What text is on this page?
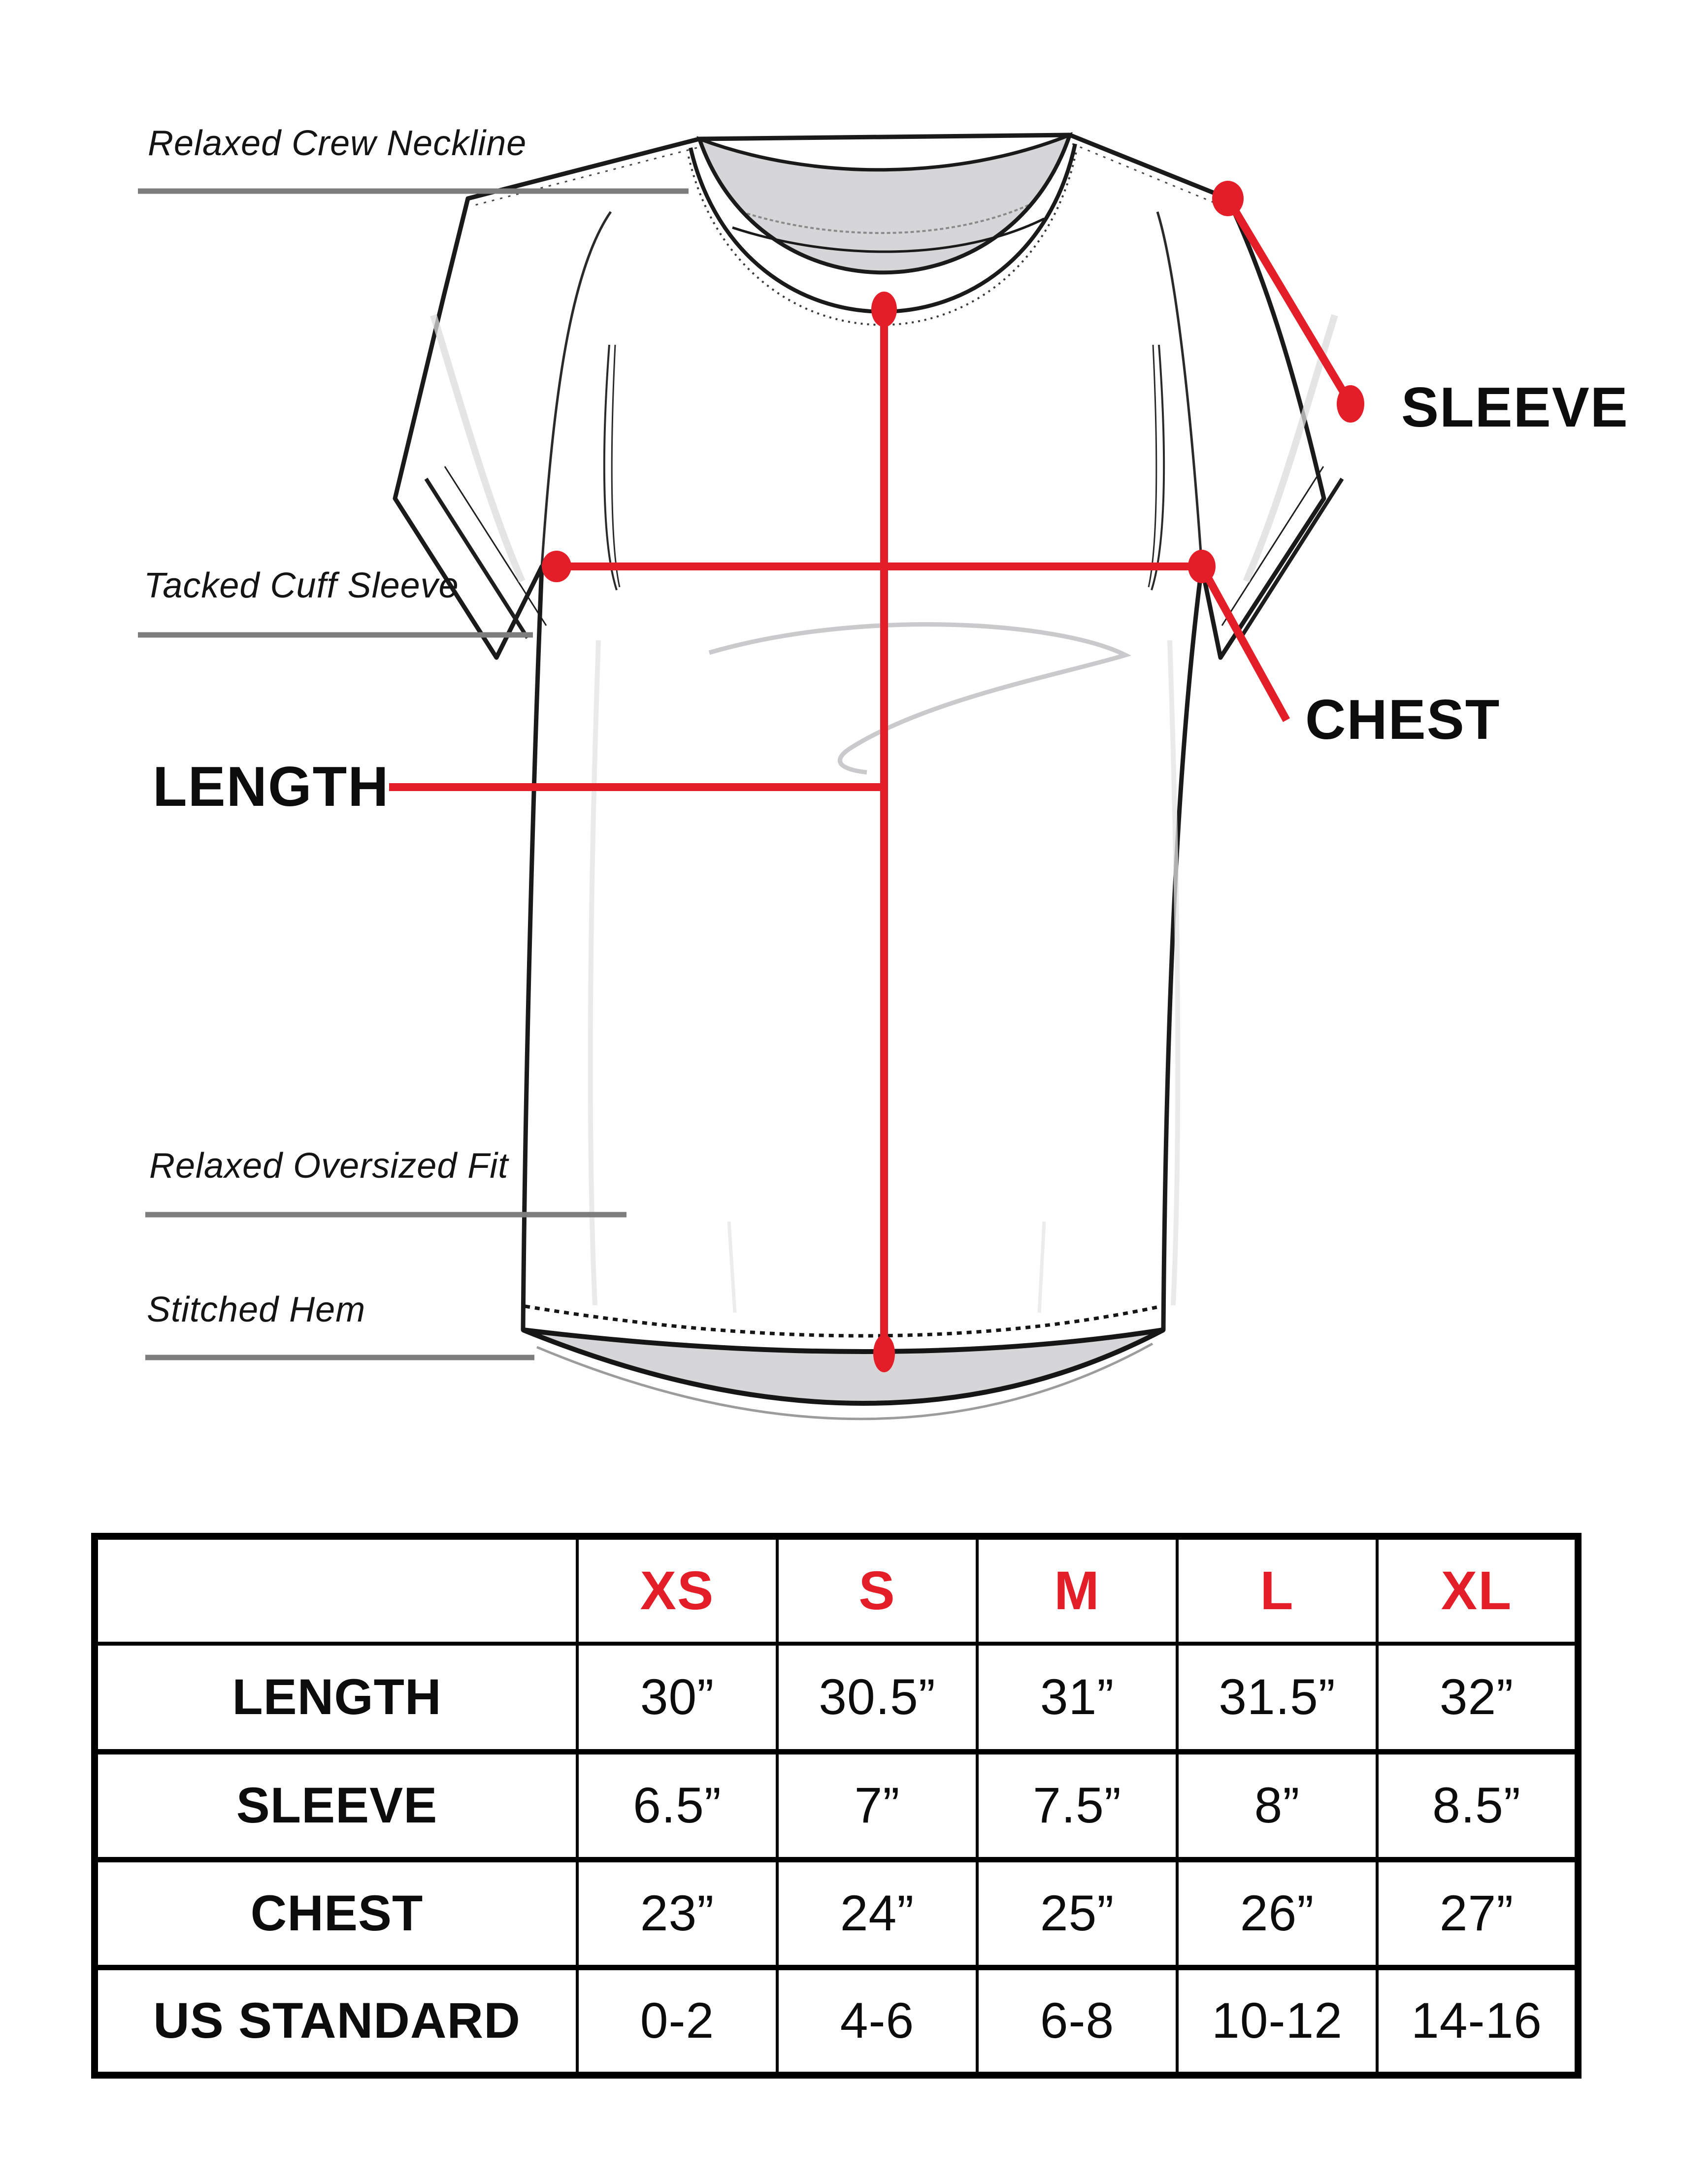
Relaxed Crew Neckline
SLEEVE
Tacked Cuff Sleeve
CHEST
LENGTH
Relaxed Oversized Fit
Stitched Hem
	XS	S	M	L	XL
LENGTH	30”	30.5”	31”	31.5”	32”
SLEEVE	6.5”	7”	7.5”	8”	8.5”
CHEST	23”	24”	25”	26”	27”
US STANDARD	0-2	4-6	6-8	10-12	14-16
